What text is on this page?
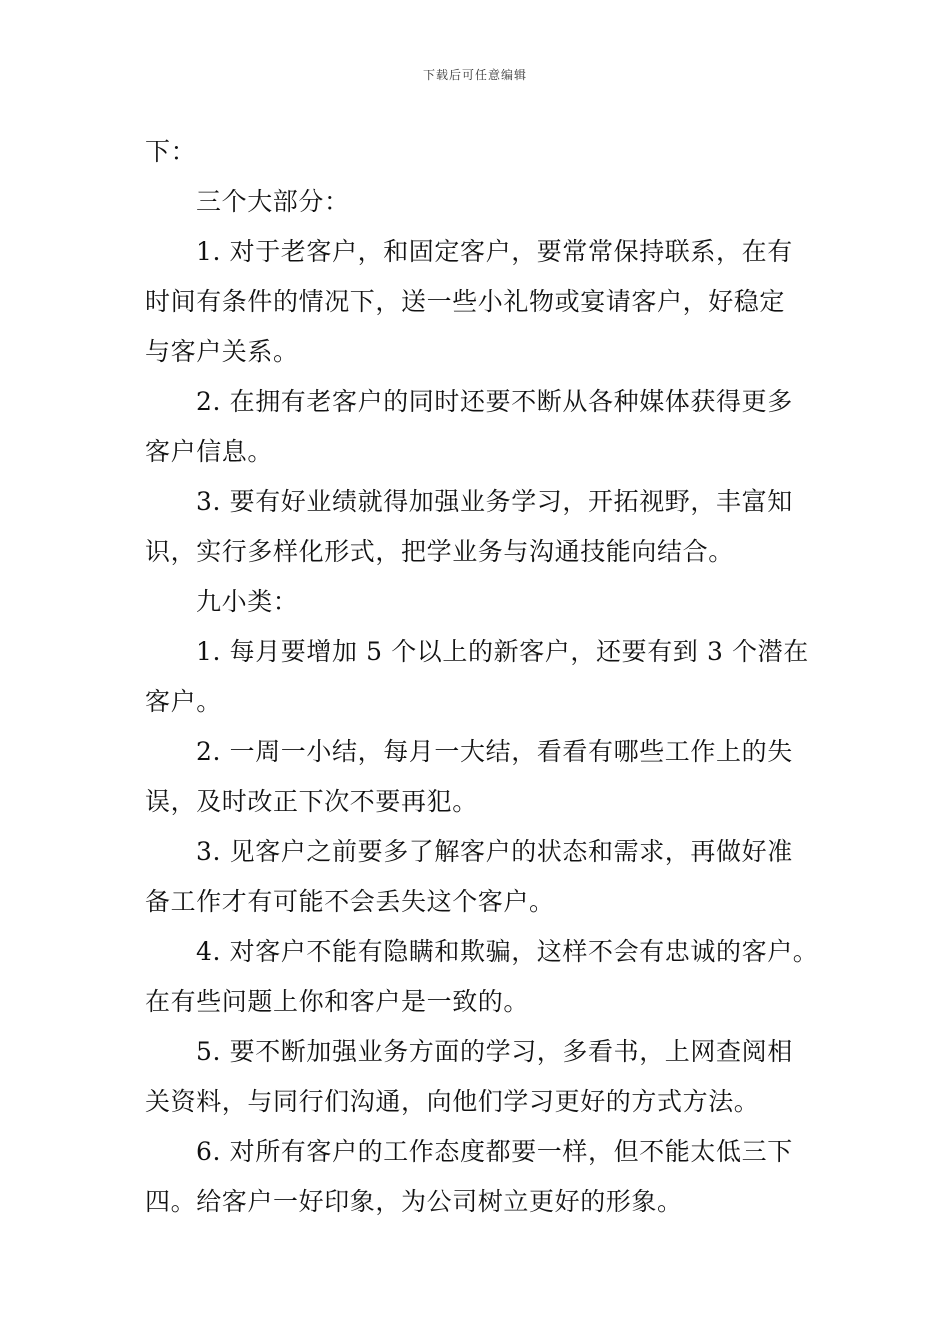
下载后可任意编辑
下：
三个大部分：
1. 对于老客户，和固定客户，要常常保持联系，在有
时间有条件的情况下，送一些小礼物或宴请客户，好稳定
与客户关系。
2. 在拥有老客户的同时还要不断从各种媒体获得更多
客户信息。
3. 要有好业绩就得加强业务学习，开拓视野，丰富知
识，实行多样化形式，把学业务与沟通技能向结合。
九小类：
1. 每月要增加 5 个以上的新客户，还要有到 3 个潜在
客户。
2. 一周一小结，每月一大结，看看有哪些工作上的失
误，及时改正下次不要再犯。
3. 见客户之前要多了解客户的状态和需求，再做好准
备工作才有可能不会丢失这个客户。
4. 对客户不能有隐瞒和欺骗，这样不会有忠诚的客户。
在有些问题上你和客户是一致的。
5. 要不断加强业务方面的学习，多看书，上网查阅相
关资料，与同行们沟通，向他们学习更好的方式方法。
6. 对所有客户的工作态度都要一样，但不能太低三下
四。给客户一好印象，为公司树立更好的形象。
